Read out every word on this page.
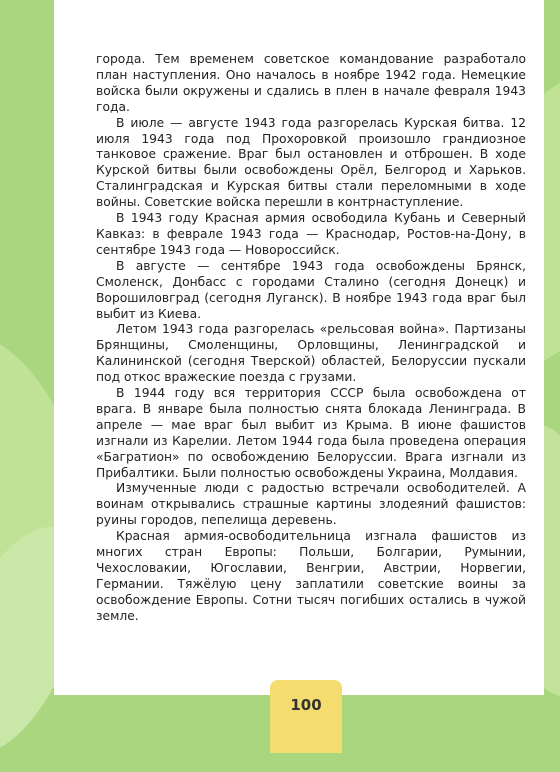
города. Тем временем советское командование разработало план наступления. Оно началось в ноябре 1942 года. Немецкие войска были окружены и сдались в плен в начале февраля 1943 года.

В июле — августе 1943 года разгорелась Курская битва. 12 июля 1943 года под Прохоровкой произошло грандиозное танковое сражение. Враг был остановлен и отброшен. В ходе Курской битвы были освобождены Орёл, Белгород и Харьков. Сталинградская и Курская битвы стали переломными в ходе войны. Советские войска перешли в контрнаступление.

В 1943 году Красная армия освободила Кубань и Северный Кавказ: в феврале 1943 года — Краснодар, Ростов-на-Дону, в сентябре 1943 года — Новороссийск.

В августе — сентябре 1943 года освобождены Брянск, Смоленск, Донбасс с городами Сталино (сегодня Донецк) и Ворошиловград (сегодня Луганск). В ноябре 1943 года враг был выбит из Киева.

Летом 1943 года разгорелась «рельсовая война». Партизаны Брянщины, Смоленщины, Орловщины, Ленинградской и Калининской (сегодня Тверской) областей, Белоруссии пускали под откос вражеские поезда с грузами.

В 1944 году вся территория СССР была освобождена от врага. В январе была полностью снята блокада Ленинграда. В апреле — мае враг был выбит из Крыма. В июне фашистов изгнали из Карелии. Летом 1944 года была проведена операция «Багратион» по освобождению Белоруссии. Врага изгнали из Прибалтики. Были полностью освобождены Украина, Молдавия.

Измученные люди с радостью встречали освободителей. А воинам открывались страшные картины злодеяний фашистов: руины городов, пепелища деревень.

Красная армия-освободительница изгнала фашистов из многих стран Европы: Польши, Болгарии, Румынии, Чехословакии, Югославии, Венгрии, Австрии, Норвегии, Германии. Тяжёлую цену заплатили советские воины за освобождение Европы. Сотни тысяч погибших остались в чужой земле.

100
